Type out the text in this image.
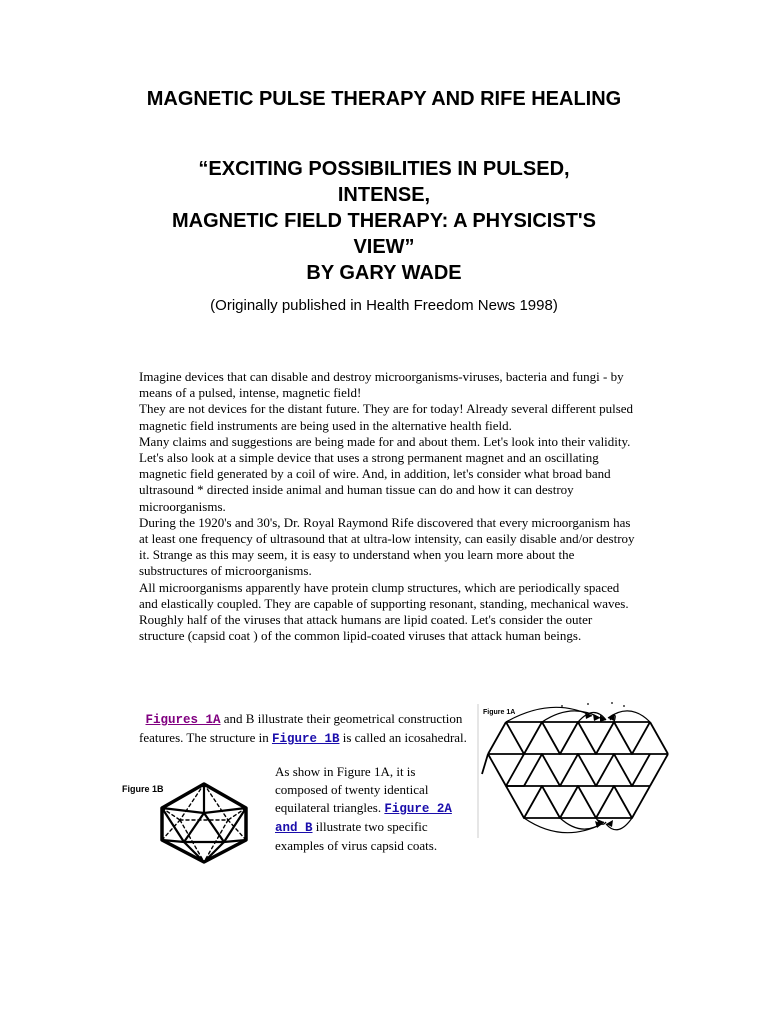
MAGNETIC PULSE THERAPY AND RIFE HEALING
“EXCITING POSSIBILITIES IN PULSED,
INTENSE,
MAGNETIC FIELD THERAPY: A PHYSICIST'S
VIEW”
BY GARY WADE

(Originally published in Health Freedom News 1998)

Imagine devices that can disable and destroy microorganisms-viruses, bacteria and fungi - by means of a pulsed, intense, magnetic field!

They are not devices for the distant future. They are for today! Already several different pulsed magnetic field instruments are being used in the alternative health field.

Many claims and suggestions are being made for and about them. Let's look into their validity. Let's also look at a simple device that uses a strong permanent magnet and an oscillating magnetic field generated by a coil of wire. And, in addition, let's consider what broad band ultrasound * directed inside animal and human tissue can do and how it can destroy microorganisms.

During the 1920's and 30's, Dr. Royal Raymond Rife discovered that every microorganism has at least one frequency of ultrasound that at ultra-low intensity, can easily disable and/or destroy it. Strange as this may seem, it is easy to understand when you learn more about the substructures of microorganisms.

All microorganisms apparently have protein clump structures, which are periodically spaced and elastically coupled. They are capable of supporting resonant, standing, mechanical waves. Roughly half of the viruses that attack humans are lipid coated. Let's consider the outer structure (capsid coat ) of the common lipid-coated viruses that attack human beings.

Figures 1A and B illustrate their geometrical construction features. The structure in Figure 1B is called an icosahedral.

As show in Figure 1A, it is composed of twenty identical equilateral triangles. Figure 2A and B illustrate two specific examples of virus capsid coats.

Figure 1B
Figure 1A
